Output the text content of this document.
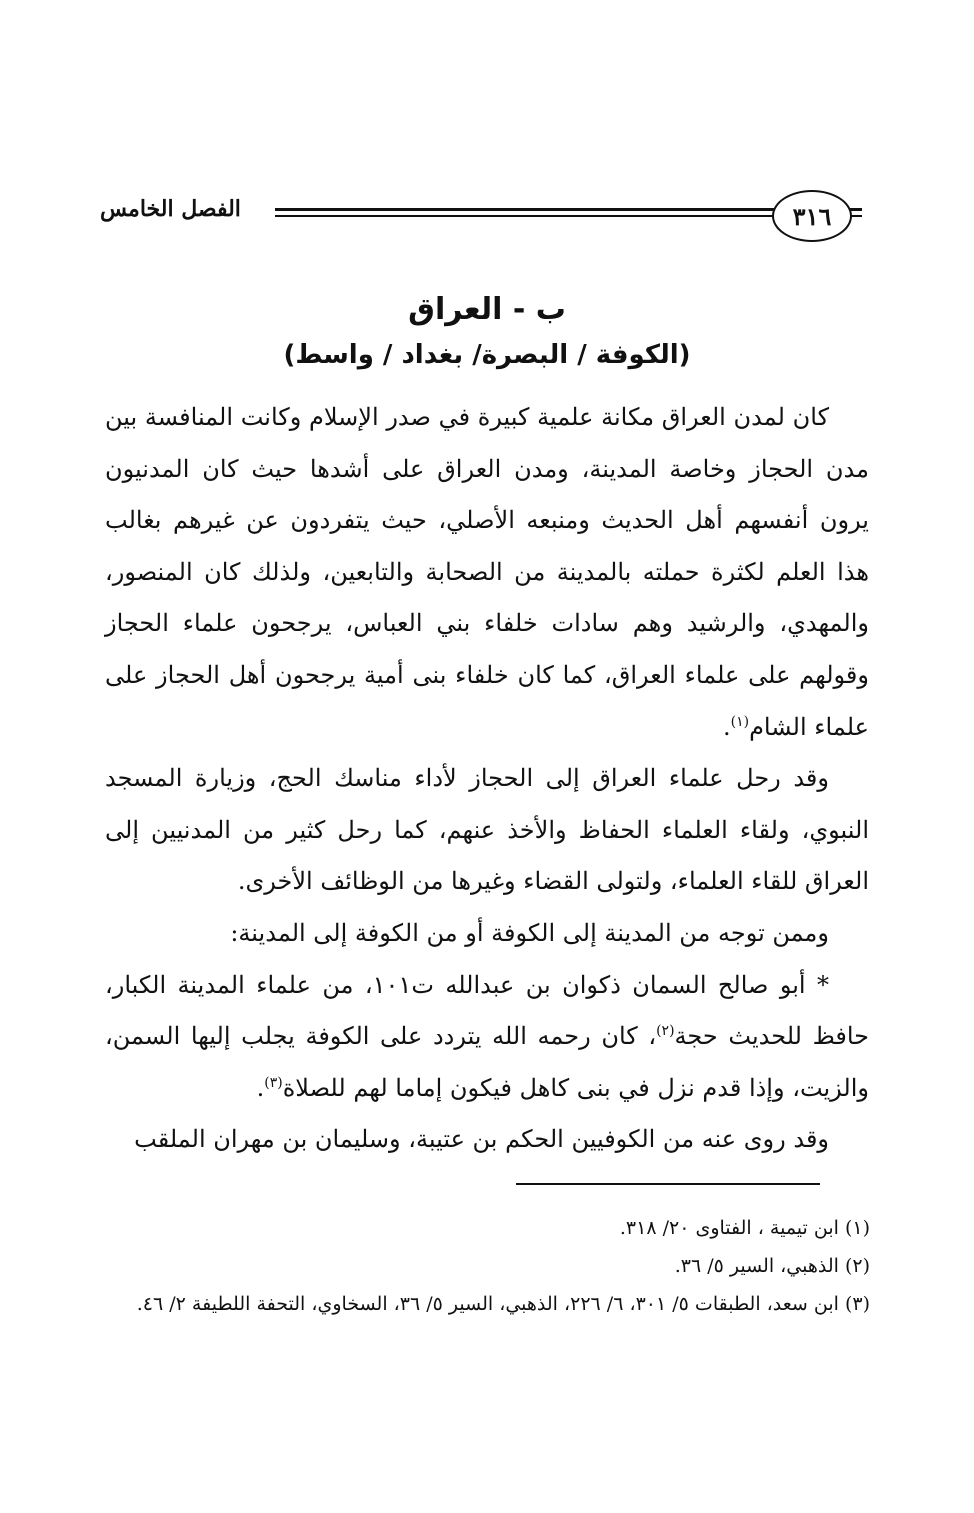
٣١٦
الفصل الخامس
ب - العراق
(الكوفة / البصرة/ بغداد / واسط)

كان لمدن العراق مكانة علمية كبيرة في صدر الإسلام وكانت المنافسة بين مدن الحجاز وخاصة المدينة، ومدن العراق على أشدها حيث كان المدنيون يرون أنفسهم أهل الحديث ومنبعه الأصلي، حيث يتفردون عن غيرهم بغالب هذا العلم لكثرة حملته بالمدينة من الصحابة والتابعين، ولذلك كان المنصور، والمهدي، والرشيد وهم سادات خلفاء بني العباس، يرجحون علماء الحجاز وقولهم على علماء العراق، كما كان خلفاء بنى أمية يرجحون أهل الحجاز على علماء الشام$^{(١)}$.

وقد رحل علماء العراق إلى الحجاز لأداء مناسك الحج، وزيارة المسجد النبوي، ولقاء العلماء الحفاظ والأخذ عنهم، كما رحل كثير من المدنيين إلى العراق للقاء العلماء، ولتولى القضاء وغيرها من الوظائف الأخرى.

وممن توجه من المدينة إلى الكوفة أو من الكوفة إلى المدينة:

* أبو صالح السمان ذكوان بن عبدالله ت١٠١، من علماء المدينة الكبار، حافظ للحديث حجة$^{(٢)}$، كان رحمه الله يتردد على الكوفة يجلب إليها السمن، والزيت، وإذا قدم نزل في بنى كاهل فيكون إماما لهم للصلاة$^{(٣)}$.

وقد روى عنه من الكوفيين الحكم بن عتيبة، وسليمان بن مهران الملقب

(١) ابن تيمية ، الفتاوى ٢٠/ ٣١٨.
(٢) الذهبي، السير ٥/ ٣٦.
(٣) ابن سعد، الطبقات ٥/ ٣٠١، ٦/ ٢٢٦، الذهبي، السير ٥/ ٣٦، السخاوي، التحفة اللطيفة ٢/ ٤٦.
